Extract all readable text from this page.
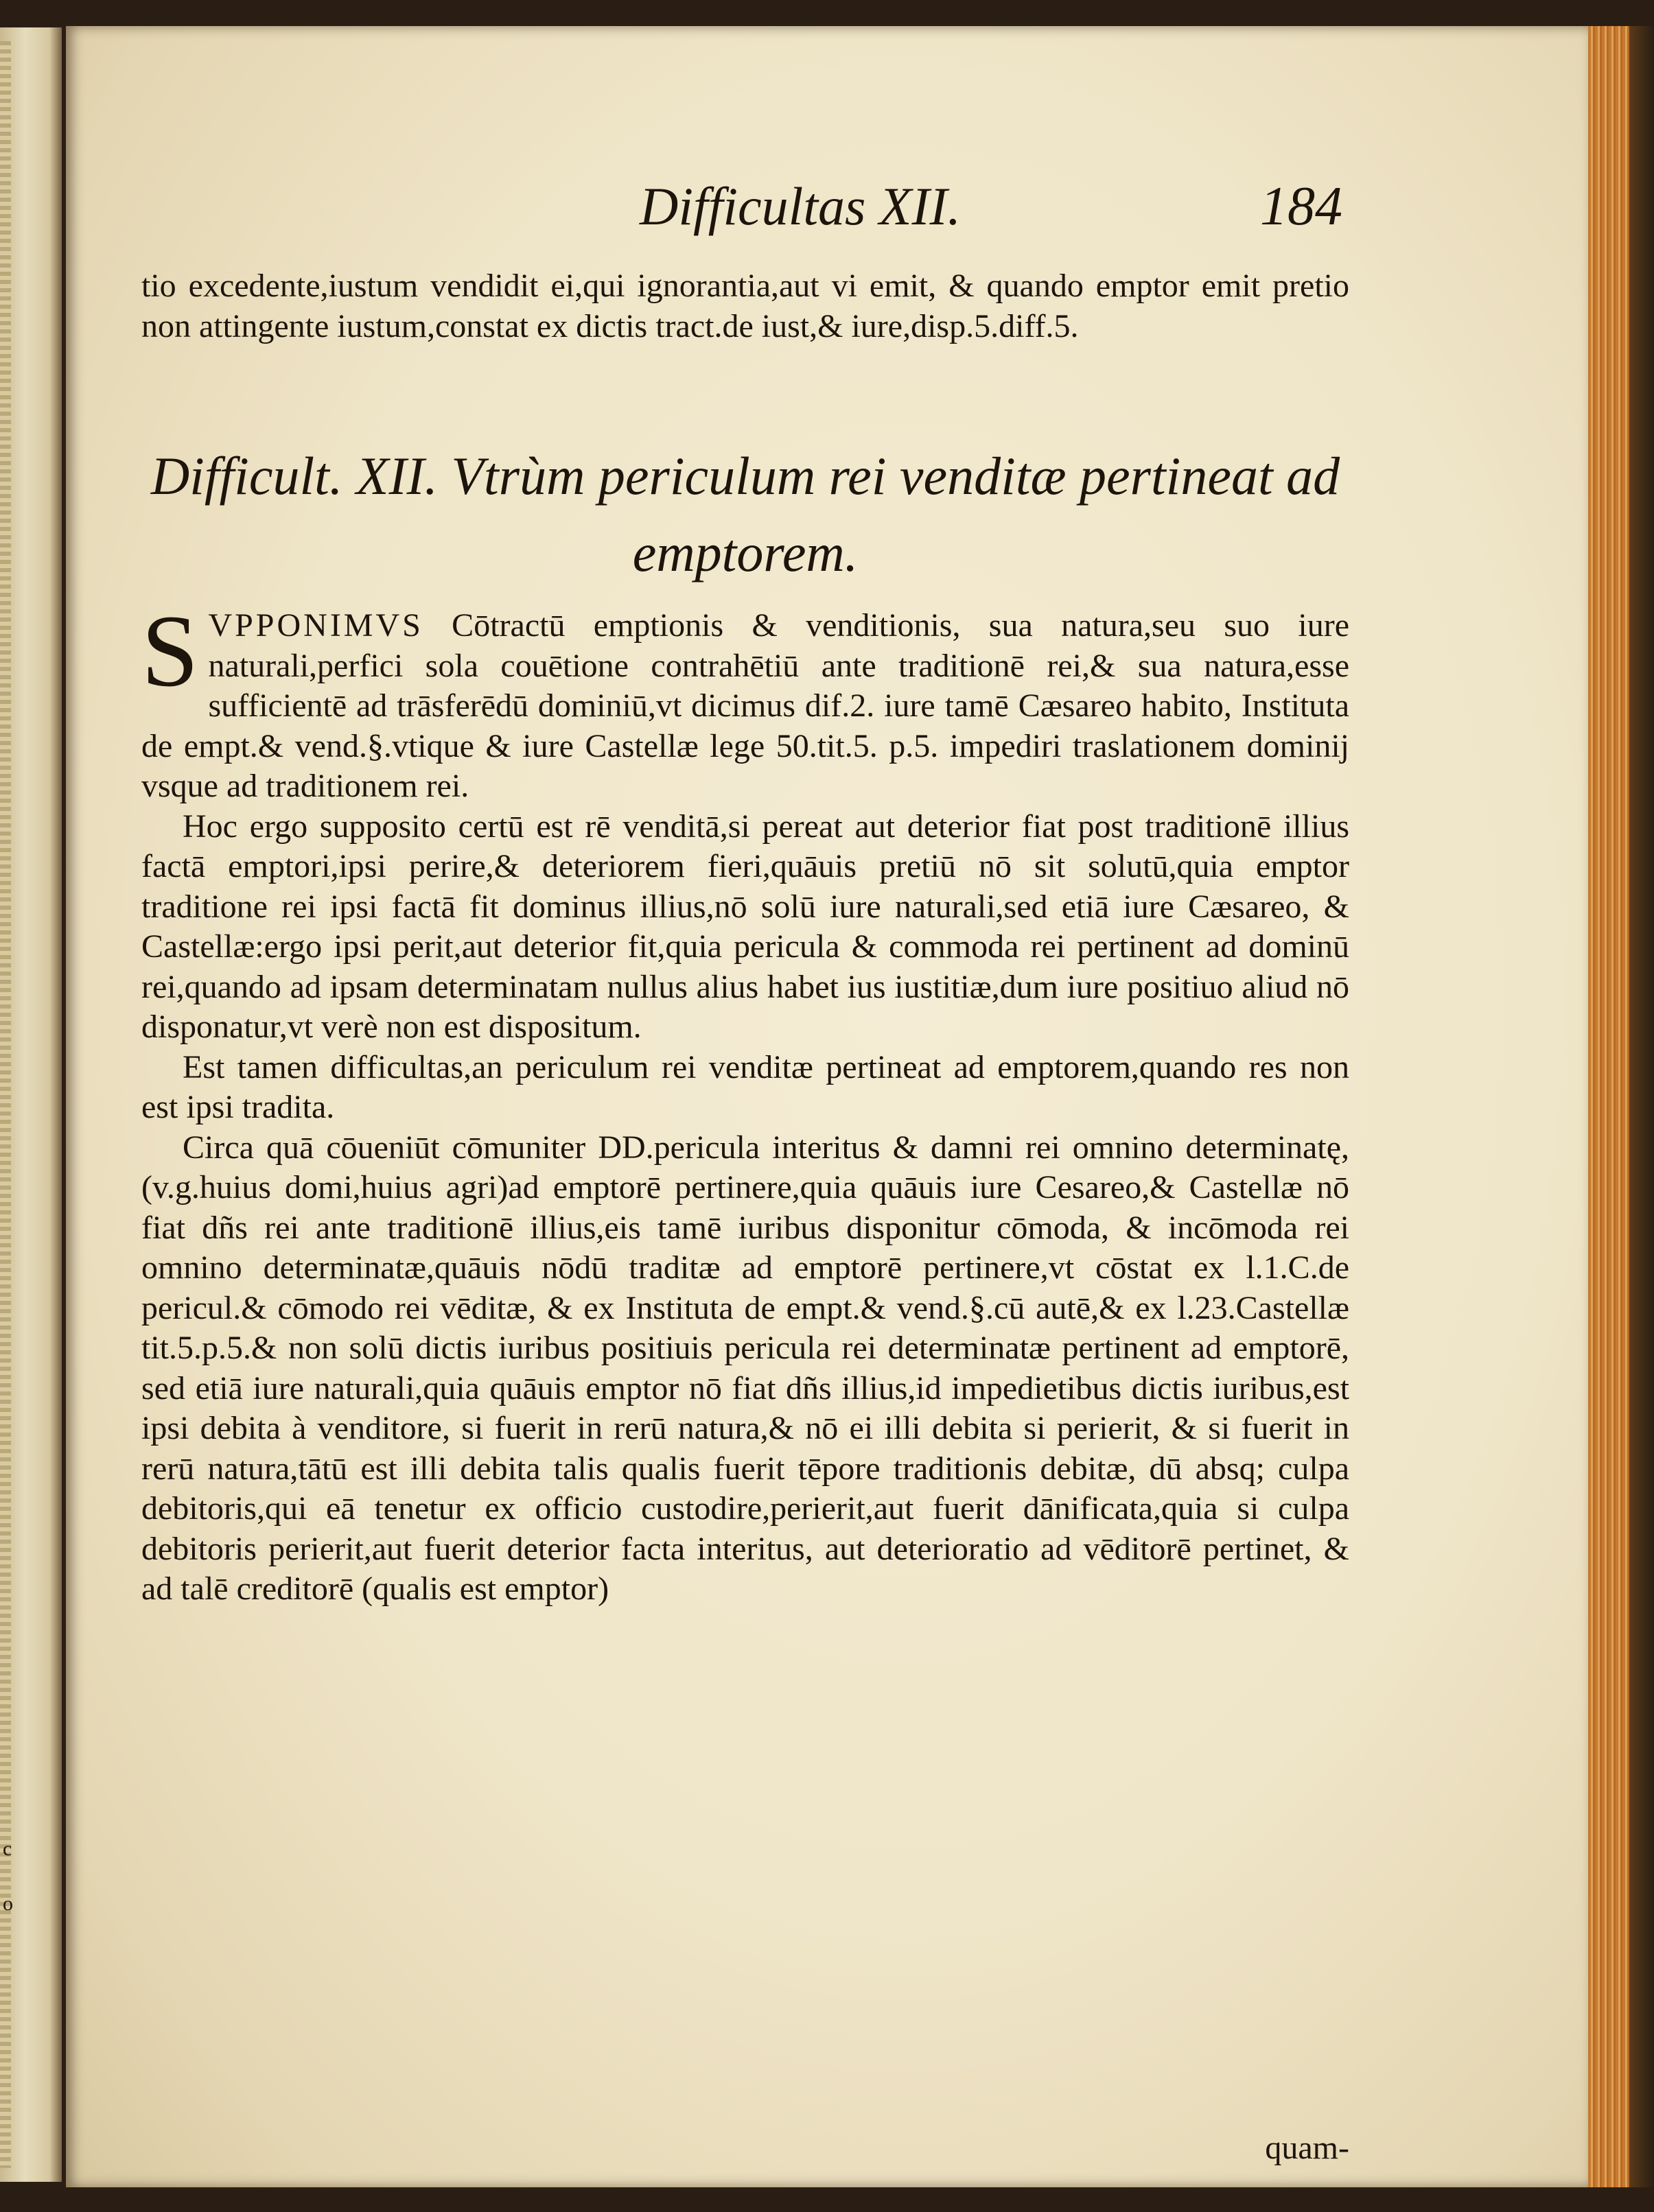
c o
Difficultas XII.	184
tio excedente,iustum vendidit ei,qui ignorantia,aut vi emit, & quando emptor emit pretio non attingente iustum,constat ex dictis tract.de iust,& iure,disp.5.diff.5.
Difficult. XII. Vtrùm periculum rei venditæ pertineat ad emptorem.

SVPPONIMVS Cōtractū emptionis & venditionis, sua natura,seu suo iure naturali,perfici sola couētione contrahētiū ante traditionē rei,& sua natura,esse sufficientē ad trāsferēdū dominiū,vt dicimus dif.2. iure tamē Cæsareo habito, Instituta de empt.& vend.§.vtique & iure Castellæ lege 50.tit.5. p.5. impediri traslationem dominij vsque ad traditionem rei.

Hoc ergo supposito certū est rē venditā,si pereat aut deterior fiat post traditionē illius factā emptori,ipsi perire,& deteriorem fieri,quāuis pretiū nō sit solutū,quia emptor traditione rei ipsi factā fit dominus illius,nō solū iure naturali,sed etiā iure Cæsareo, & Castellæ:ergo ipsi perit,aut deterior fit,quia pericula & commoda rei pertinent ad dominū rei,quando ad ipsam determinatam nullus alius habet ius iustitiæ,dum iure positiuo aliud nō disponatur,vt verè non est dispositum.

Est tamen difficultas,an periculum rei venditæ pertineat ad emptorem,quando res non est ipsi tradita.

Circa quā cōueniūt cōmuniter DD.pericula interitus & damni rei omnino determinatę,(v.g.huius domi,huius agri)ad emptorē pertinere,quia quāuis iure Cesareo,& Castellæ nō fiat dñs rei ante traditionē illius,eis tamē iuribus disponitur cōmoda, & incōmoda rei omnino determinatæ,quāuis nōdū traditæ ad emptorē pertinere,vt cōstat ex l.1.C.de pericul.& cōmodo rei vēditæ, & ex Instituta de empt.& vend.§.cū autē,& ex l.23.Castellæ tit.5.p.5.& non solū dictis iuribus positiuis pericula rei determinatæ pertinent ad emptorē, sed etiā iure naturali,quia quāuis emptor nō fiat dñs illius,id impedietibus dictis iuribus,est ipsi debita à venditore, si fuerit in rerū natura,& nō ei illi debita si perierit, & si fuerit in rerū natura,tātū est illi debita talis qualis fuerit tēpore traditionis debitæ, dū absq; culpa debitoris,qui eā tenetur ex officio custodire,perierit,aut fuerit dānificata,quia si culpa debitoris perierit,aut fuerit deterior facta interitus, aut deterioratio ad vēditorē pertinet, & ad talē creditorē (qualis est emptor)

quam-
